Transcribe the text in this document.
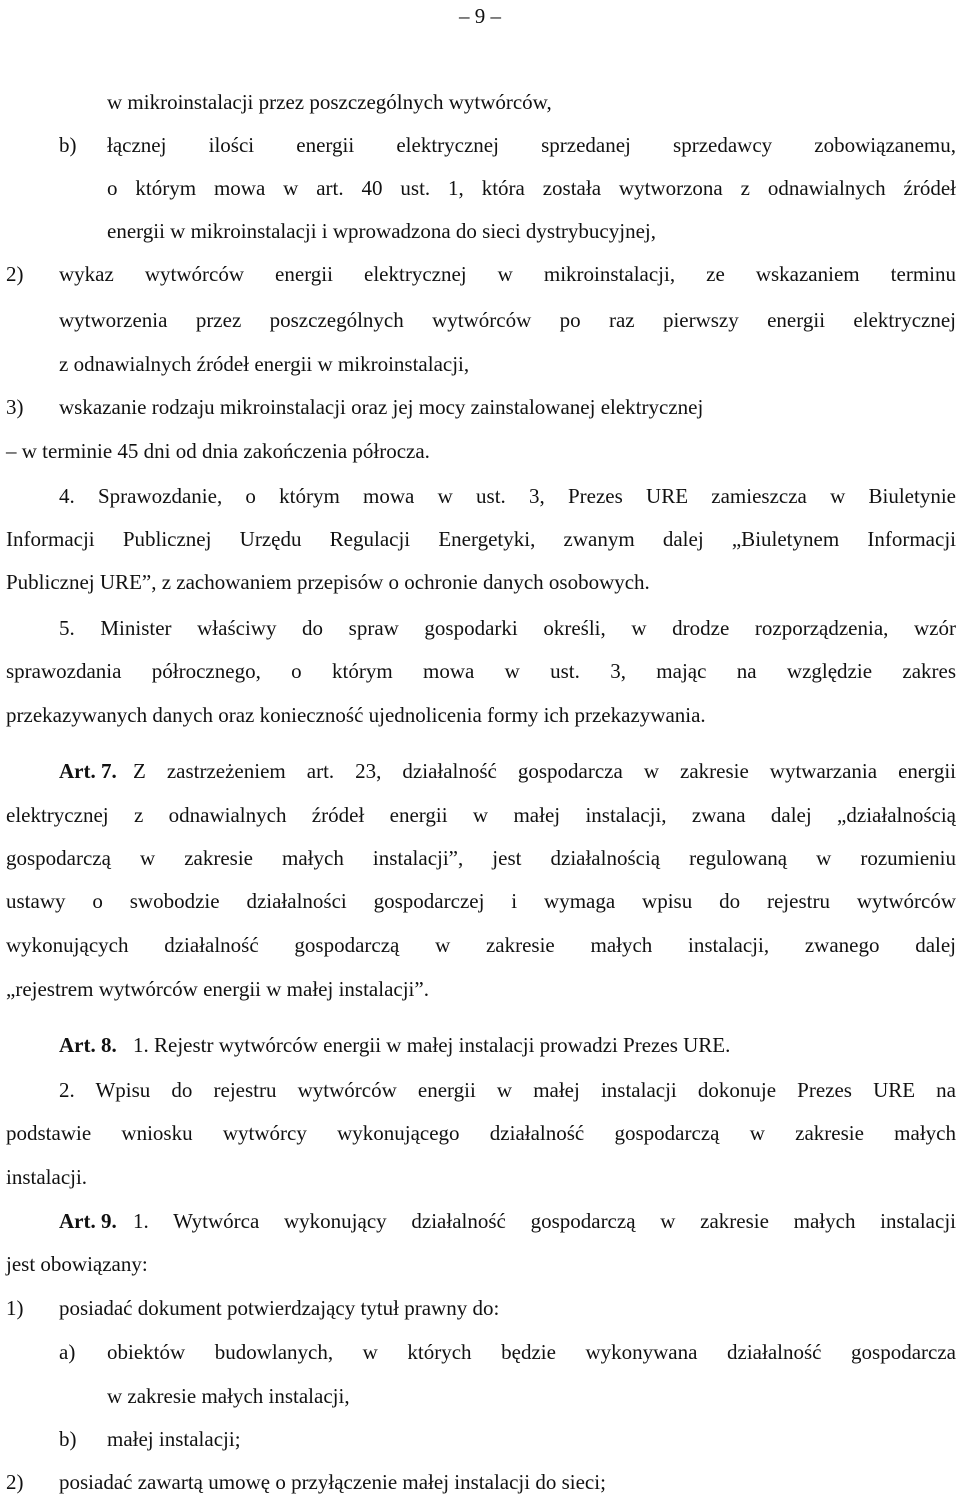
– 9 –
w mikroinstalacji przez poszczególnych wytwórców,
b)	łącznej ilości energii elektrycznej sprzedanej sprzedawcy zobowiązanemu,
o którym mowa w art. 40 ust. 1, która została wytworzona z odnawialnych źródeł
energii w mikroinstalacji i wprowadzona do sieci dystrybucyjnej,
2)	wykaz wytwórców energii elektrycznej w mikroinstalacji, ze wskazaniem terminu
wytworzenia przez poszczególnych wytwórców po raz pierwszy energii elektrycznej
z odnawialnych źródeł energii w mikroinstalacji,
3)	wskazanie rodzaju mikroinstalacji oraz jej mocy zainstalowanej elektrycznej
– w terminie 45 dni od dnia zakończenia półrocza.
4. Sprawozdanie, o którym mowa w ust. 3, Prezes URE zamieszcza w Biuletynie
Informacji Publicznej Urzędu Regulacji Energetyki, zwanym dalej „Biuletynem Informacji
Publicznej URE”, z zachowaniem przepisów o ochronie danych osobowych.
5. Minister właściwy do spraw gospodarki określi, w drodze rozporządzenia, wzór
sprawozdania półrocznego, o którym mowa w ust. 3, mając na względzie zakres
przekazywanych danych oraz konieczność ujednolicenia formy ich przekazywania.
Art. 7. Z zastrzeżeniem art. 23, działalność gospodarcza w zakresie wytwarzania energii
elektrycznej z odnawialnych źródeł energii w małej instalacji, zwana dalej „działalnością
gospodarczą w zakresie małych instalacji”, jest działalnością regulowaną w rozumieniu
ustawy o swobodzie działalności gospodarczej i wymaga wpisu do rejestru wytwórców
wykonujących działalność gospodarczą w zakresie małych instalacji, zwanego dalej
„rejestrem wytwórców energii w małej instalacji”.
Art. 8. 1. Rejestr wytwórców energii w małej instalacji prowadzi Prezes URE.
2. Wpisu do rejestru wytwórców energii w małej instalacji dokonuje Prezes URE na
podstawie wniosku wytwórcy wykonującego działalność gospodarczą w zakresie małych
instalacji.
Art. 9. 1. Wytwórca wykonujący działalność gospodarczą w zakresie małych instalacji
jest obowiązany:
1)	posiadać dokument potwierdzający tytuł prawny do:
a)	obiektów budowlanych, w których będzie wykonywana działalność gospodarcza
w zakresie małych instalacji,
b)	małej instalacji;
2)	posiadać zawartą umowę o przyłączenie małej instalacji do sieci;
